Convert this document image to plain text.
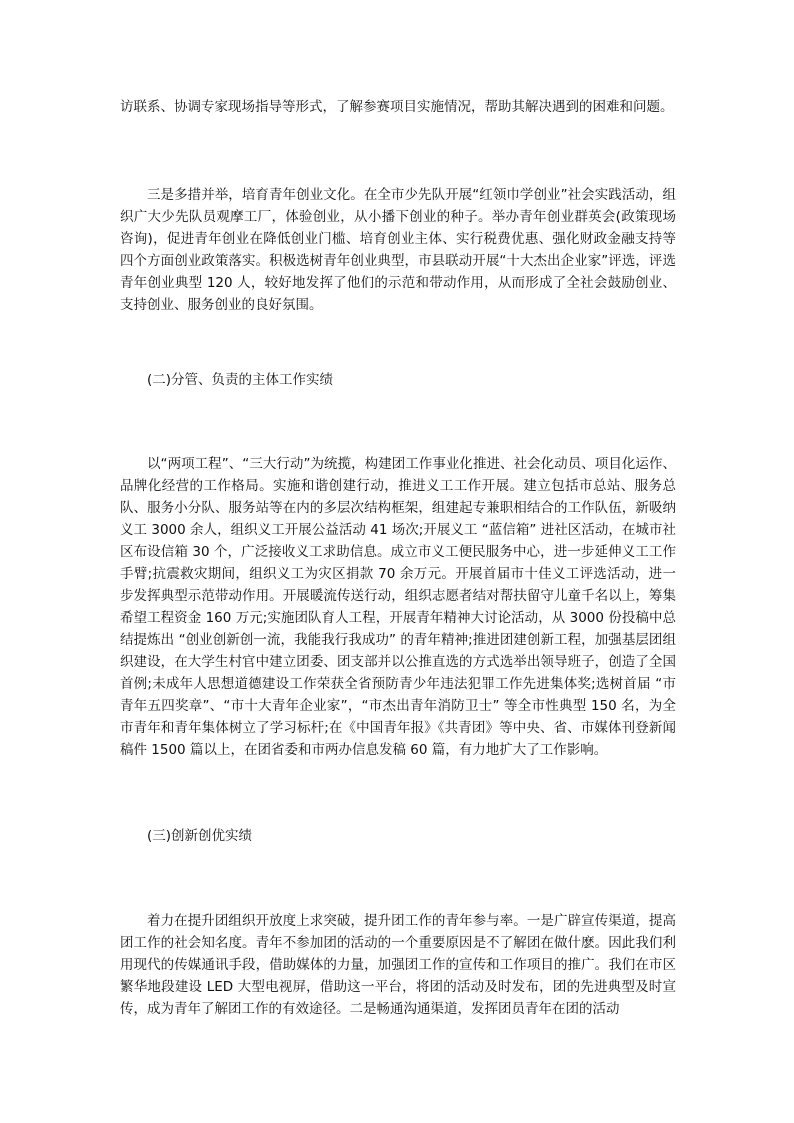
访联系、协调专家现场指导等形式，了解参赛项目实施情况，帮助其解决遇到的困难和问题。

三是多措并举，培育青年创业文化。在全市少先队开展“红领巾学创业”社会实践活动，组织广大少先队员观摩工厂，体验创业，从小播下创业的种子。举办青年创业群英会(政策现场咨询)，促进青年创业在降低创业门槛、培育创业主体、实行税费优惠、强化财政金融支持等四个方面创业政策落实。积极选树青年创业典型，市县联动开展“十大杰出企业家”评选，评选青年创业典型 120 人，较好地发挥了他们的示范和带动作用，从而形成了全社会鼓励创业、支持创业、服务创业的良好氛围。

(二)分管、负责的主体工作实绩

以“两项工程”、“三大行动”为统揽，构建团工作事业化推进、社会化动员、项目化运作、品牌化经营的工作格局。实施和谐创建行动，推进义工工作开展。建立包括市总站、服务总队、服务小分队、服务站等在内的多层次结构框架，组建起专兼职相结合的工作队伍，新吸纳义工 3000 余人，组织义工开展公益活动 41 场次;开展义工 “蓝信箱” 进社区活动，在城市社区布设信箱 30 个，广泛接收义工求助信息。成立市义工便民服务中心，进一步延伸义工工作手臂;抗震救灾期间，组织义工为灾区捐款 70 余万元。开展首届市十佳义工评选活动，进一步发挥典型示范带动作用。开展暖流传送行动，组织志愿者结对帮扶留守儿童千名以上，筹集希望工程资金 160 万元;实施团队育人工程，开展青年精神大讨论活动，从 3000 份投稿中总结提炼出 “创业创新创一流，我能我行我成功” 的青年精神;推进团建创新工程，加强基层团组织建设，在大学生村官中建立团委、团支部并以公推直选的方式选举出领导班子，创造了全国首例;未成年人思想道德建设工作荣获全省预防青少年违法犯罪工作先进集体奖;选树首届 “市青年五四奖章”、“市十大青年企业家”，“市杰出青年消防卫士” 等全市性典型 150 名，为全市青年和青年集体树立了学习标杆;在《中国青年报》《共青团》等中央、省、市媒体刊登新闻稿件 1500 篇以上，在团省委和市两办信息发稿 60 篇，有力地扩大了工作影响。

(三)创新创优实绩

着力在提升团组织开放度上求突破，提升团工作的青年参与率。一是广辟宣传渠道，提高团工作的社会知名度。青年不参加团的活动的一个重要原因是不了解团在做什麽。因此我们利用现代的传媒通讯手段，借助媒体的力量，加强团工作的宣传和工作项目的推广。我们在市区繁华地段建设 LED 大型电视屏，借助这一平台，将团的活动及时发布，团的先进典型及时宣传，成为青年了解团工作的有效途径。二是畅通沟通渠道，发挥团员青年在团的活动
